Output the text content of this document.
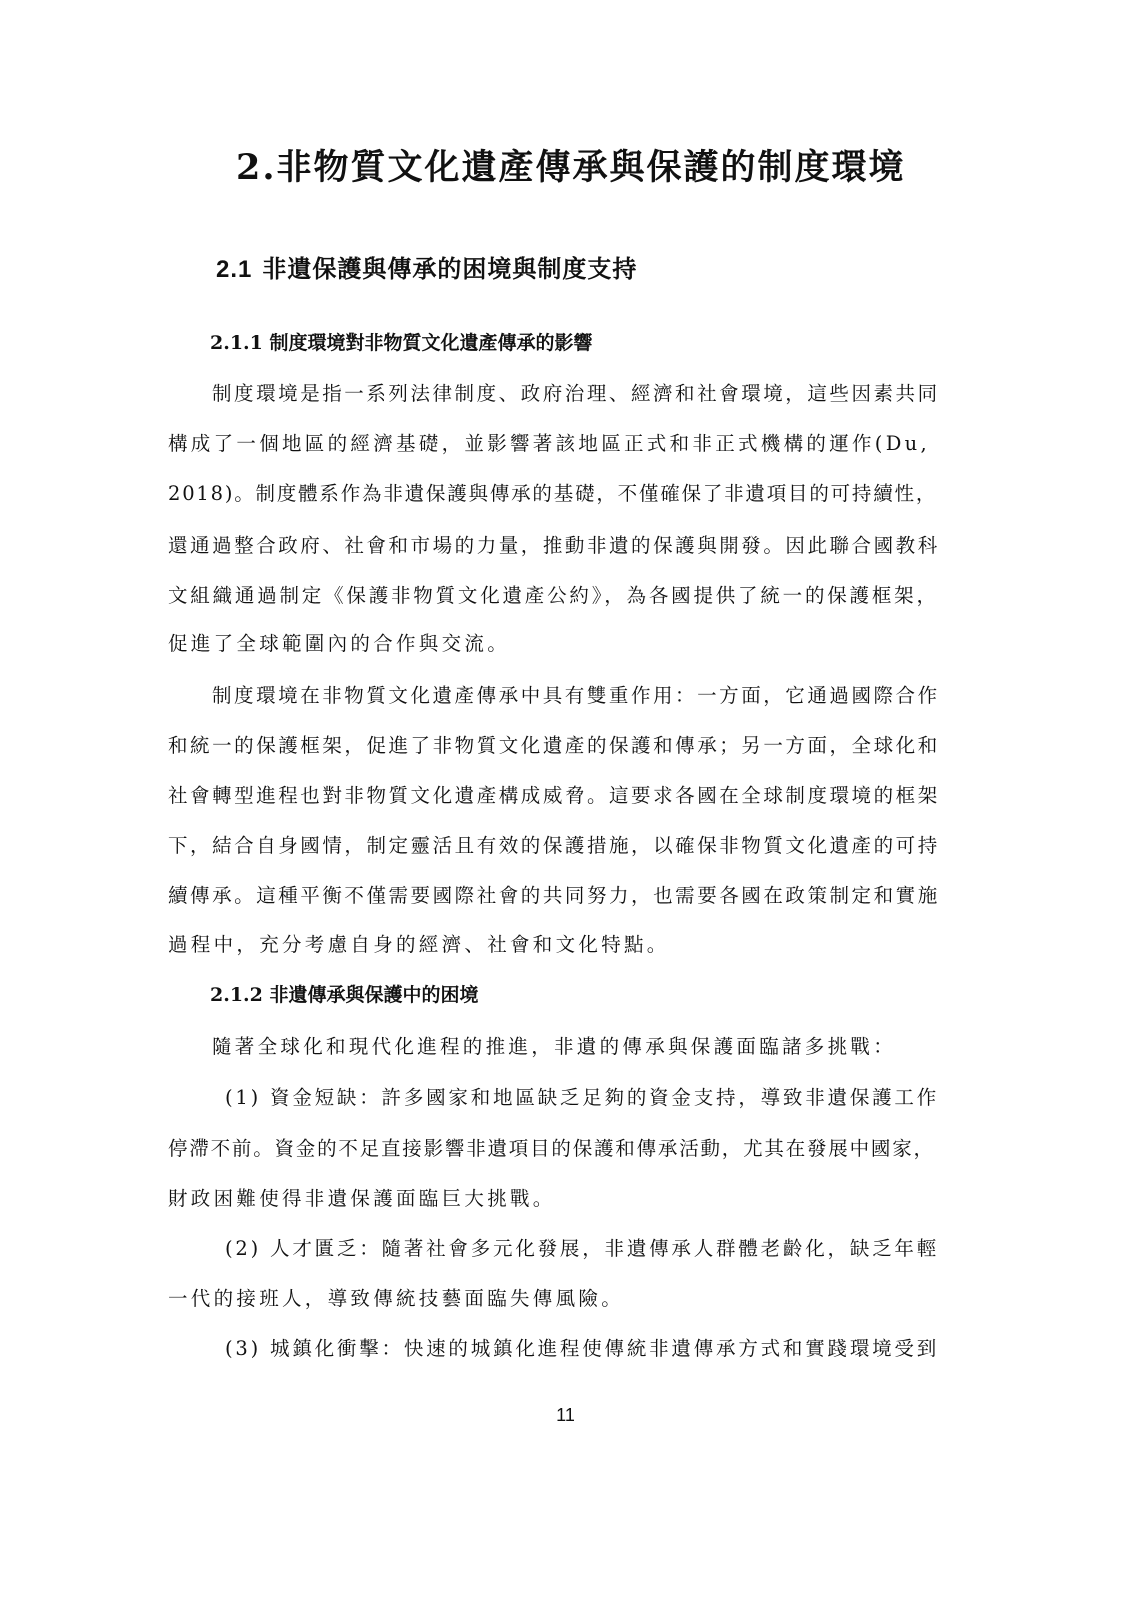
2.非物質文化遺產傳承與保護的制度環境
2.1 非遺保護與傳承的困境與制度支持
2.1.1 制度環境對非物質文化遺產傳承的影響
制度環境是指一系列法律制度、政府治理、經濟和社會環境，這些因素共同
構成了一個地區的經濟基礎，並影響著該地區正式和非正式機構的運作(Du,
2018)。制度體系作為非遺保護與傳承的基礎，不僅確保了非遺項目的可持續性，
還通過整合政府、社會和市場的力量，推動非遺的保護與開發。因此聯合國教科
文組織通過制定《保護非物質文化遺產公約》，為各國提供了統一的保護框架，
促進了全球範圍內的合作與交流。
制度環境在非物質文化遺產傳承中具有雙重作用：一方面，它通過國際合作
和統一的保護框架，促進了非物質文化遺產的保護和傳承；另一方面，全球化和
社會轉型進程也對非物質文化遺產構成威脅。這要求各國在全球制度環境的框架
下，結合自身國情，制定靈活且有效的保護措施，以確保非物質文化遺產的可持
續傳承。這種平衡不僅需要國際社會的共同努力，也需要各國在政策制定和實施
過程中，充分考慮自身的經濟、社會和文化特點。
2.1.2 非遺傳承與保護中的困境
隨著全球化和現代化進程的推進，非遺的傳承與保護面臨諸多挑戰：
(1) 資金短缺：許多國家和地區缺乏足夠的資金支持，導致非遺保護工作
停滯不前。資金的不足直接影響非遺項目的保護和傳承活動，尤其在發展中國家，
財政困難使得非遺保護面臨巨大挑戰。
(2) 人才匱乏：隨著社會多元化發展，非遺傳承人群體老齡化，缺乏年輕
一代的接班人，導致傳統技藝面臨失傳風險。
(3) 城鎮化衝擊：快速的城鎮化進程使傳統非遺傳承方式和實踐環境受到
11
